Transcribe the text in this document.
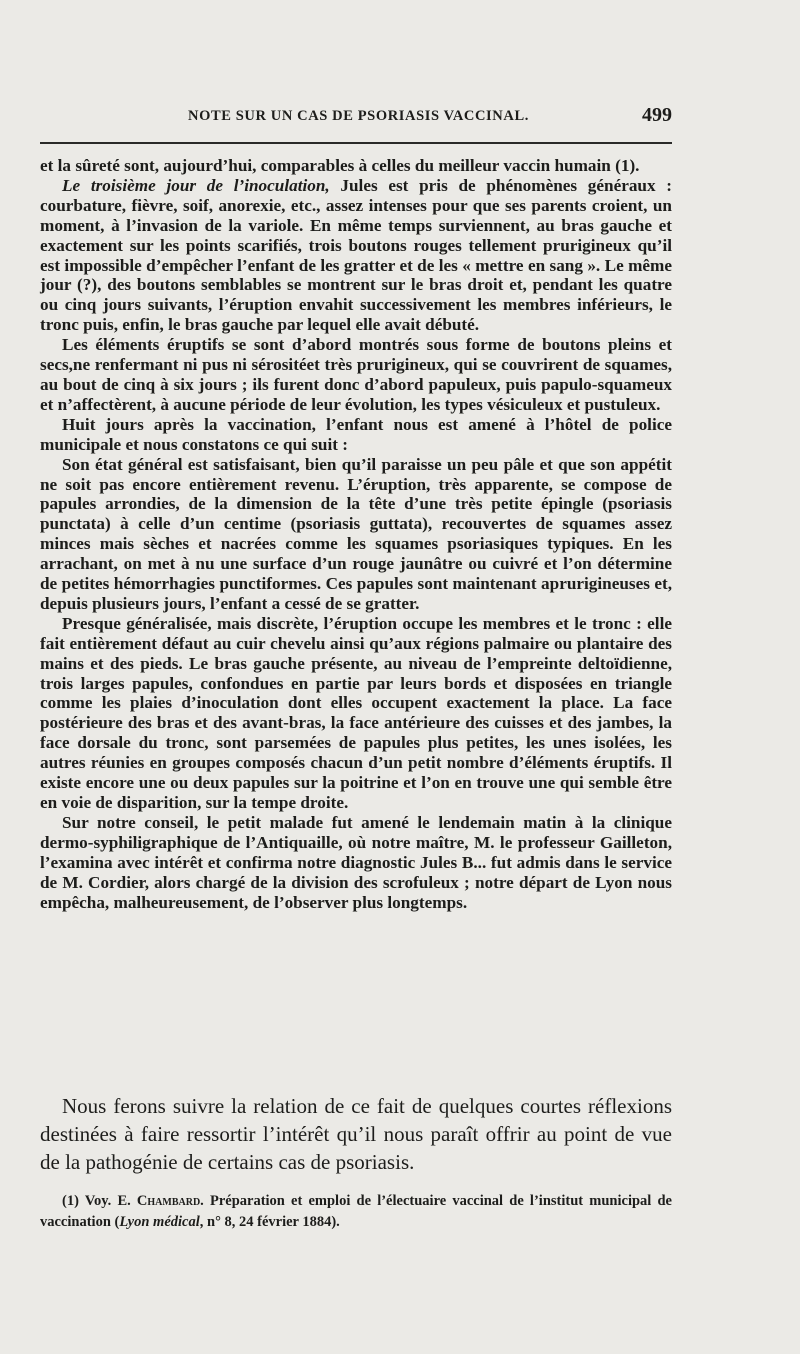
NOTE SUR UN CAS DE PSORIASIS VACCINAL.	499

et la sûreté sont, aujourd’hui, comparables à celles du meilleur vaccin humain (1).

Le troisième jour de l’inoculation, Jules est pris de phénomènes généraux : courbature, fièvre, soif, anorexie, etc., assez intenses pour que ses parents croient, un moment, à l’invasion de la variole. En même temps surviennent, au bras gauche et exactement sur les points scarifiés, trois boutons rouges tellement prurigineux qu’il est impossible d’empêcher l’enfant de les gratter et de les « mettre en sang ». Le même jour (?), des boutons semblables se montrent sur le bras droit et, pendant les quatre ou cinq jours suivants, l’éruption envahit successivement les membres inférieurs, le tronc puis, enfin, le bras gauche par lequel elle avait débuté.

Les éléments éruptifs se sont d’abord montrés sous forme de boutons pleins et secs,ne renfermant ni pus ni sérositéet très prurigineux, qui se couvrirent de squames, au bout de cinq à six jours ; ils furent donc d’abord papuleux, puis papulo-squameux et n’affectèrent, à aucune période de leur évolution, les types vésiculeux et pustuleux.

Huit jours après la vaccination, l’enfant nous est amené à l’hôtel de police municipale et nous constatons ce qui suit :

Son état général est satisfaisant, bien qu’il paraisse un peu pâle et que son appétit ne soit pas encore entièrement revenu. L’éruption, très apparente, se compose de papules arrondies, de la dimension de la tête d’une très petite épingle (psoriasis punctata) à celle d’un centime (psoriasis guttata), recouvertes de squames assez minces mais sèches et nacrées comme les squames psoriasiques typiques. En les arrachant, on met à nu une surface d’un rouge jaunâtre ou cuivré et l’on détermine de petites hémorrhagies punctiformes. Ces papules sont maintenant aprurigineuses et, depuis plusieurs jours, l’enfant a cessé de se gratter.

Presque généralisée, mais discrète, l’éruption occupe les membres et le tronc : elle fait entièrement défaut au cuir chevelu ainsi qu’aux régions palmaire ou plantaire des mains et des pieds. Le bras gauche présente, au niveau de l’empreinte deltoïdienne, trois larges papules, confondues en partie par leurs bords et disposées en triangle comme les plaies d’inoculation dont elles occupent exactement la place. La face postérieure des bras et des avant-bras, la face antérieure des cuisses et des jambes, la face dorsale du tronc, sont parsemées de papules plus petites, les unes isolées, les autres réunies en groupes composés chacun d’un petit nombre d’éléments éruptifs. Il existe encore une ou deux papules sur la poitrine et l’on en trouve une qui semble être en voie de disparition, sur la tempe droite.

Sur notre conseil, le petit malade fut amené le lendemain matin à la clinique dermo-syphiligraphique de l’Antiquaille, où notre maître, M. le professeur Gailleton, l’examina avec intérêt et confirma notre diagnostic Jules B... fut admis dans le service de M. Cordier, alors chargé de la division des scrofuleux ; notre départ de Lyon nous empêcha, malheureusement, de l’observer plus longtemps.

Nous ferons suivre la relation de ce fait de quelques courtes réflexions destinées à faire ressortir l’intérêt qu’il nous paraît offrir au point de vue de la pathogénie de certains cas de psoriasis.

(1) Voy. E. Chambard. Préparation et emploi de l’électuaire vaccinal de l’institut municipal de vaccination (Lyon médical, n° 8, 24 février 1884).
